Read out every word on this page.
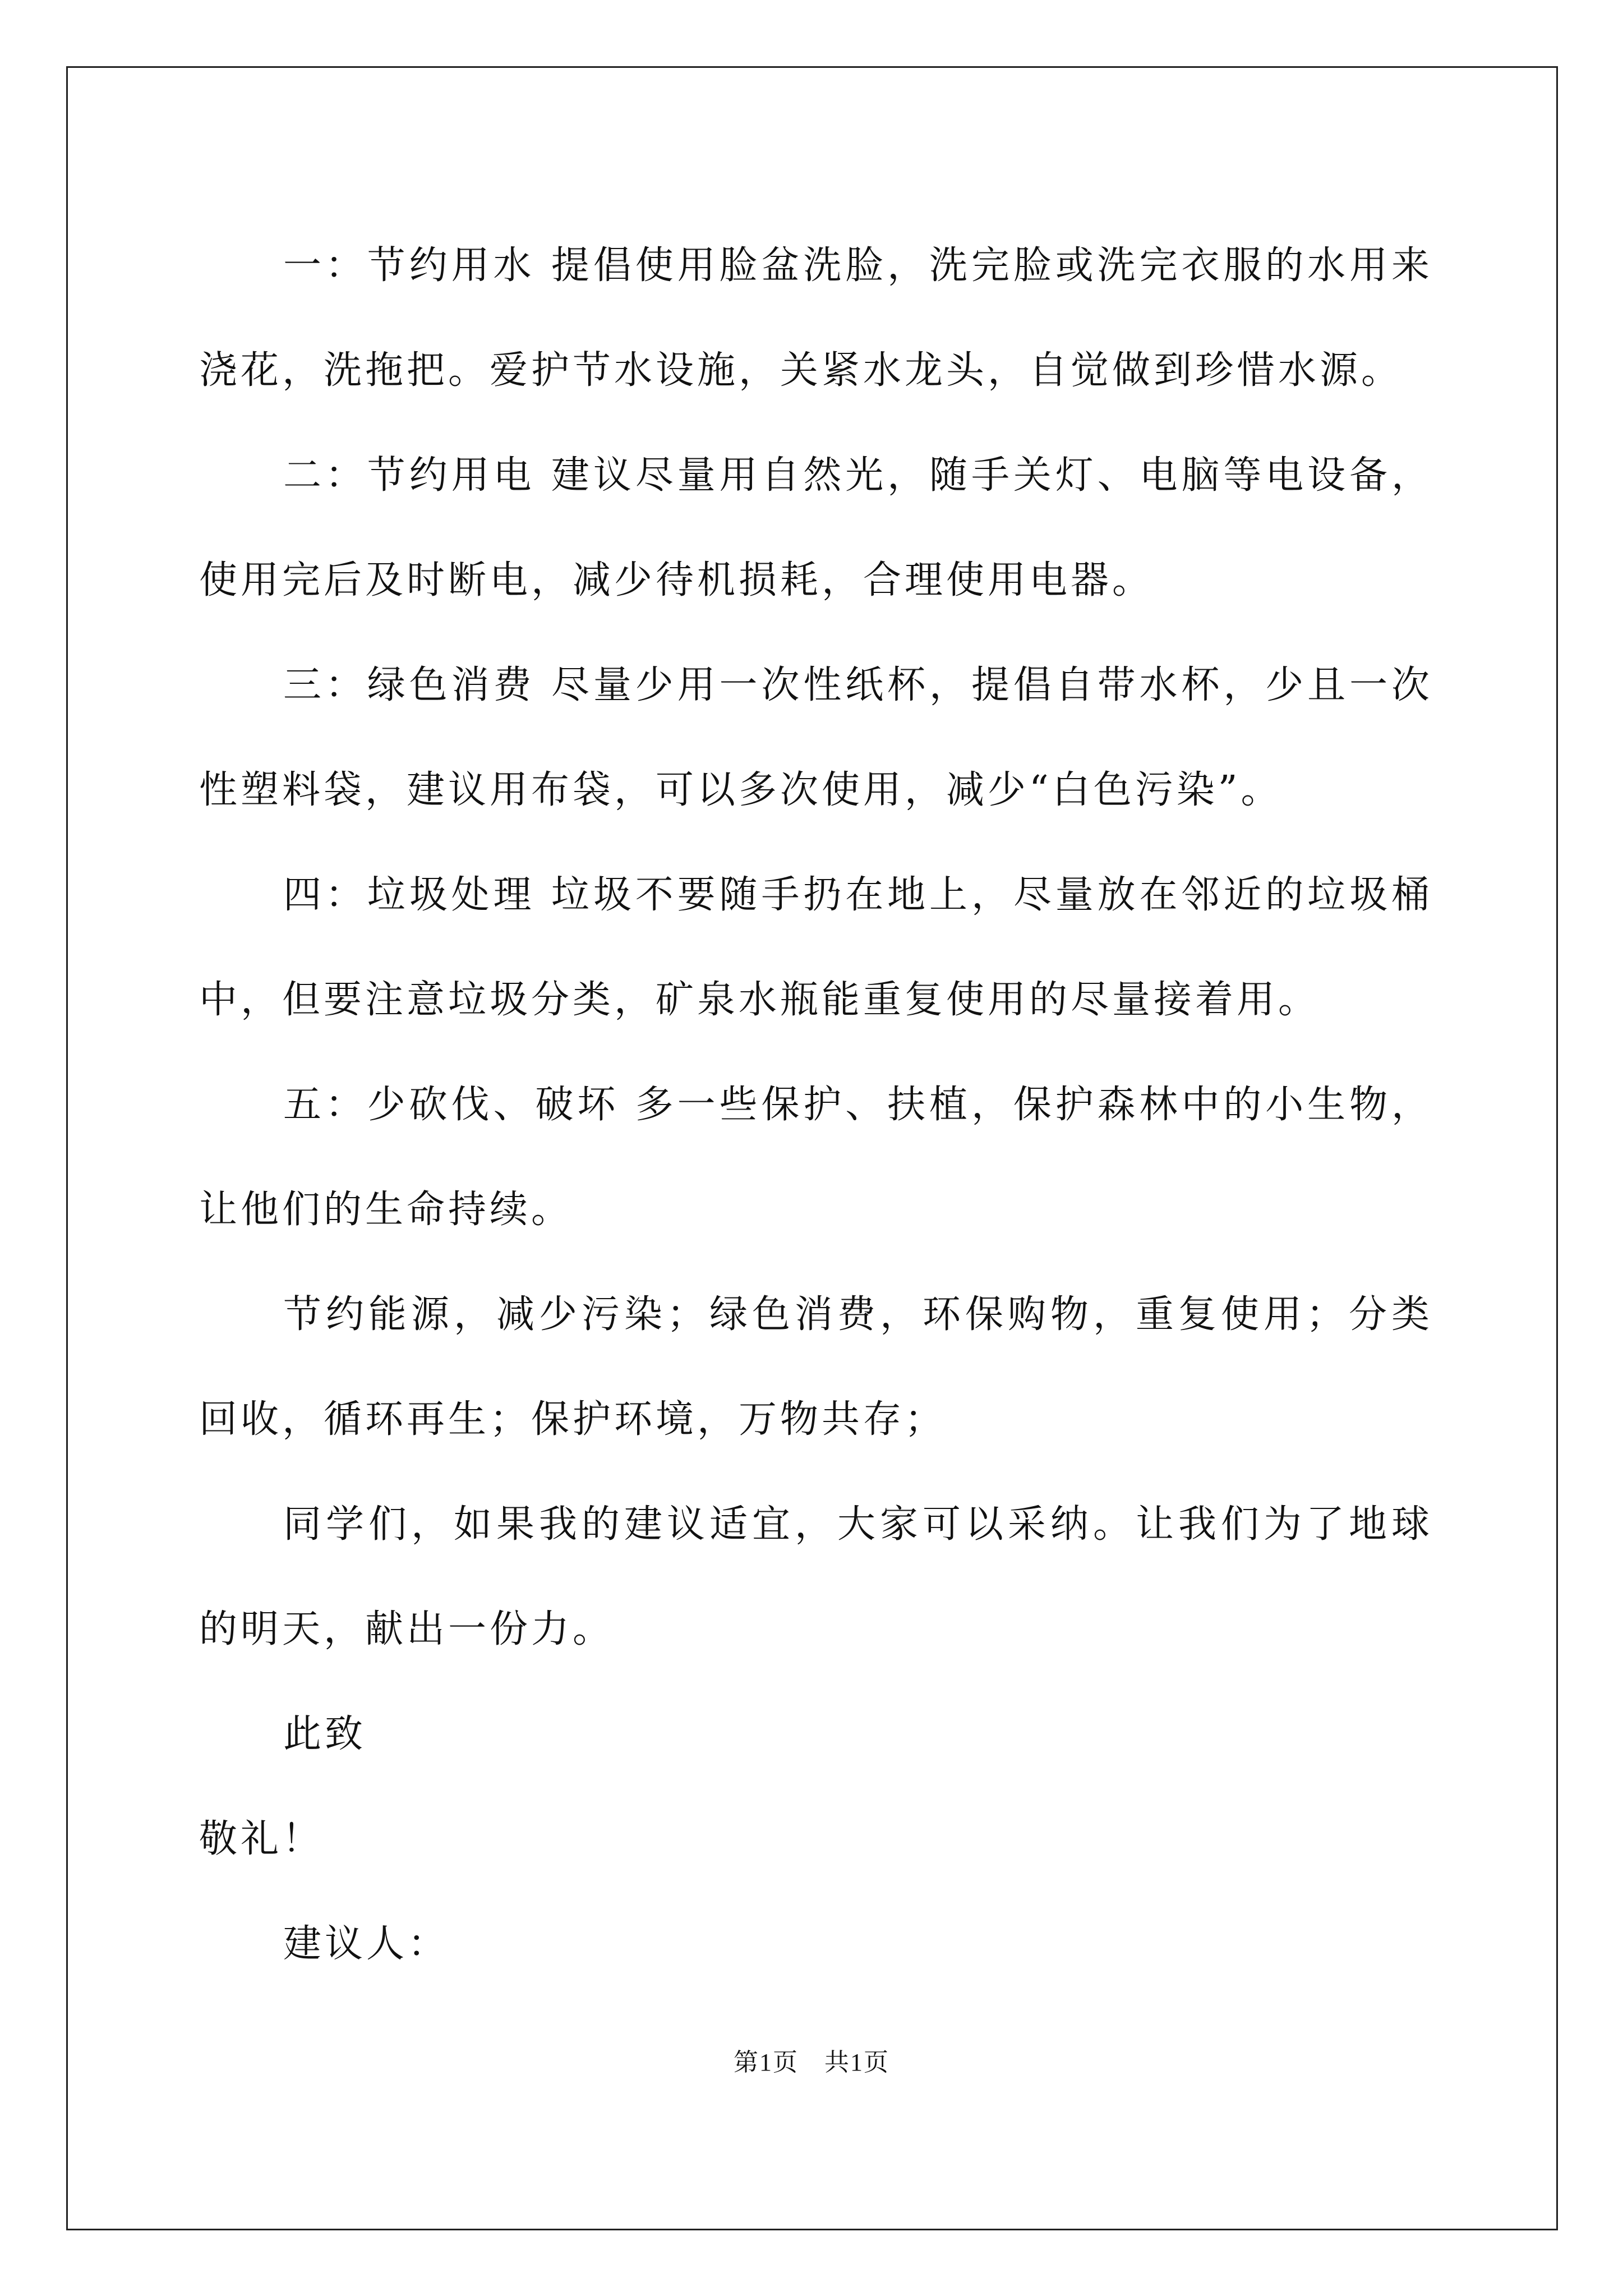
一：节约用水 提倡使用脸盆洗脸，洗完脸或洗完衣服的水用来浇花，洗拖把。爱护节水设施，关紧水龙头，自觉做到珍惜水源。

二：节约用电 建议尽量用自然光，随手关灯、电脑等电设备，使用完后及时断电，减少待机损耗，合理使用电器。

三：绿色消费 尽量少用一次性纸杯，提倡自带水杯，少且一次性塑料袋，建议用布袋，可以多次使用，减少“白色污染”。

四：垃圾处理 垃圾不要随手扔在地上，尽量放在邻近的垃圾桶中，但要注意垃圾分类，矿泉水瓶能重复使用的尽量接着用。

五：少砍伐、破坏 多一些保护、扶植，保护森林中的小生物，让他们的生命持续。

节约能源，减少污染；绿色消费，环保购物，重复使用；分类回收，循环再生；保护环境，万物共存；

同学们，如果我的建议适宜，大家可以采纳。让我们为了地球的明天，献出一份力。

此致

敬礼！

建议人：

第1页　共1页
